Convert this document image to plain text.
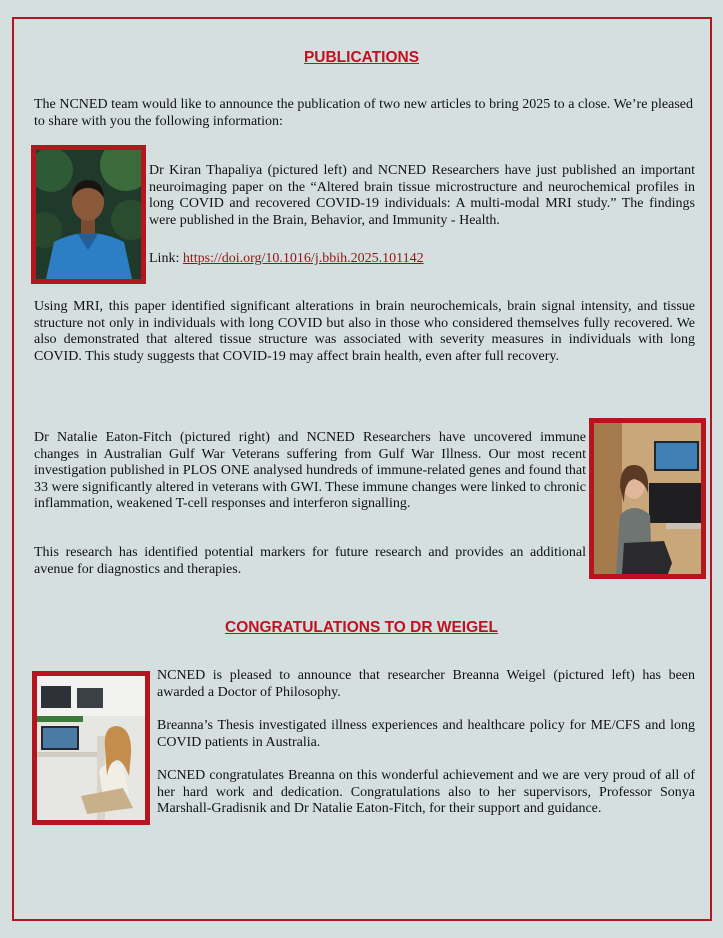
PUBLICATIONS

The NCNED team would like to announce the publication of two new articles to bring 2025 to a close. We’re pleased to share with you the following information:

Dr Kiran Thapaliya (pictured left) and NCNED Researchers have just published an important neuroimaging paper on the “Altered brain tissue microstructure and neurochemical profiles in long COVID and recovered COVID-19 individuals: A multi-modal MRI study.” The findings were published in the Brain, Behavior, and Immunity - Health.

Link: https://doi.org/10.1016/j.bbih.2025.101142

Using MRI, this paper identified significant alterations in brain neurochemicals, brain signal intensity, and tissue structure not only in individuals with long COVID but also in those who considered themselves fully recovered. We also demonstrated that altered tissue structure was associated with severity measures in individuals with long COVID. This study suggests that COVID-19 may affect brain health, even after full recovery.

Dr Natalie Eaton-Fitch (pictured right) and NCNED Researchers have uncovered immune changes in Australian Gulf War Veterans suffering from Gulf War Illness. Our most recent investigation published in PLOS ONE analysed hundreds of immune-related genes and found that 33 were significantly altered in veterans with GWI. These immune changes were linked to chronic inflammation, weakened T-cell responses and interferon signalling.

This research has identified potential markers for future research and provides an additional avenue for diagnostics and therapies.

CONGRATULATIONS TO DR WEIGEL

NCNED is pleased to announce that researcher Breanna Weigel (pictured left) has been awarded a Doctor of Philosophy.

Breanna’s Thesis investigated illness experiences and healthcare policy for ME/CFS and long COVID patients in Australia.

NCNED congratulates Breanna on this wonderful achievement and we are very proud of all of her hard work and dedication. Congratulations also to her supervisors, Professor Sonya Marshall-Gradisnik and Dr Natalie Eaton-Fitch, for their support and guidance.
